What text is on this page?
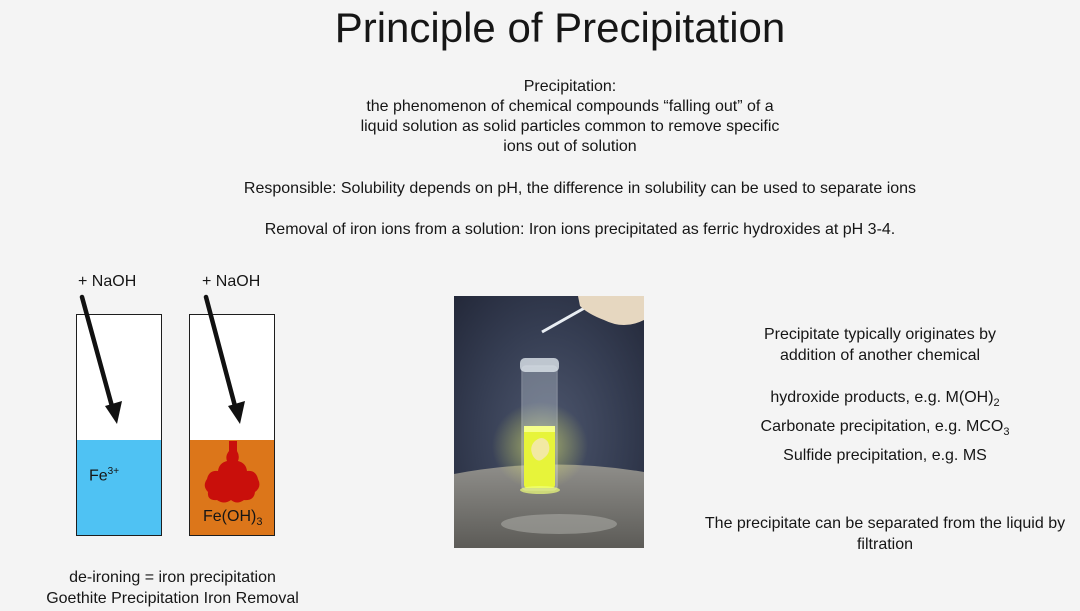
Principle of Precipitation
Precipitation:
the phenomenon of chemical compounds “falling out” of a
liquid solution as solid particles common to remove specific
ions out of solution
Responsible: Solubility depends on pH, the difference in solubility can be used to separate ions
Removal of iron ions from a solution: Iron ions precipitated as ferric hydroxides at pH 3-4.
+ NaOH	+ NaOH
$Fe^{3+}$
$Fe(OH)_3$
Precipitate typically originates by
addition of another chemical
hydroxide products, e.g. $M(OH)_2$
Carbonate precipitation, e.g. $MCO_3$
Sulfide precipitation, e.g. MS
The precipitate can be separated from the liquid by filtration
de-ironing = iron precipitation
Goethite Precipitation Iron Removal
